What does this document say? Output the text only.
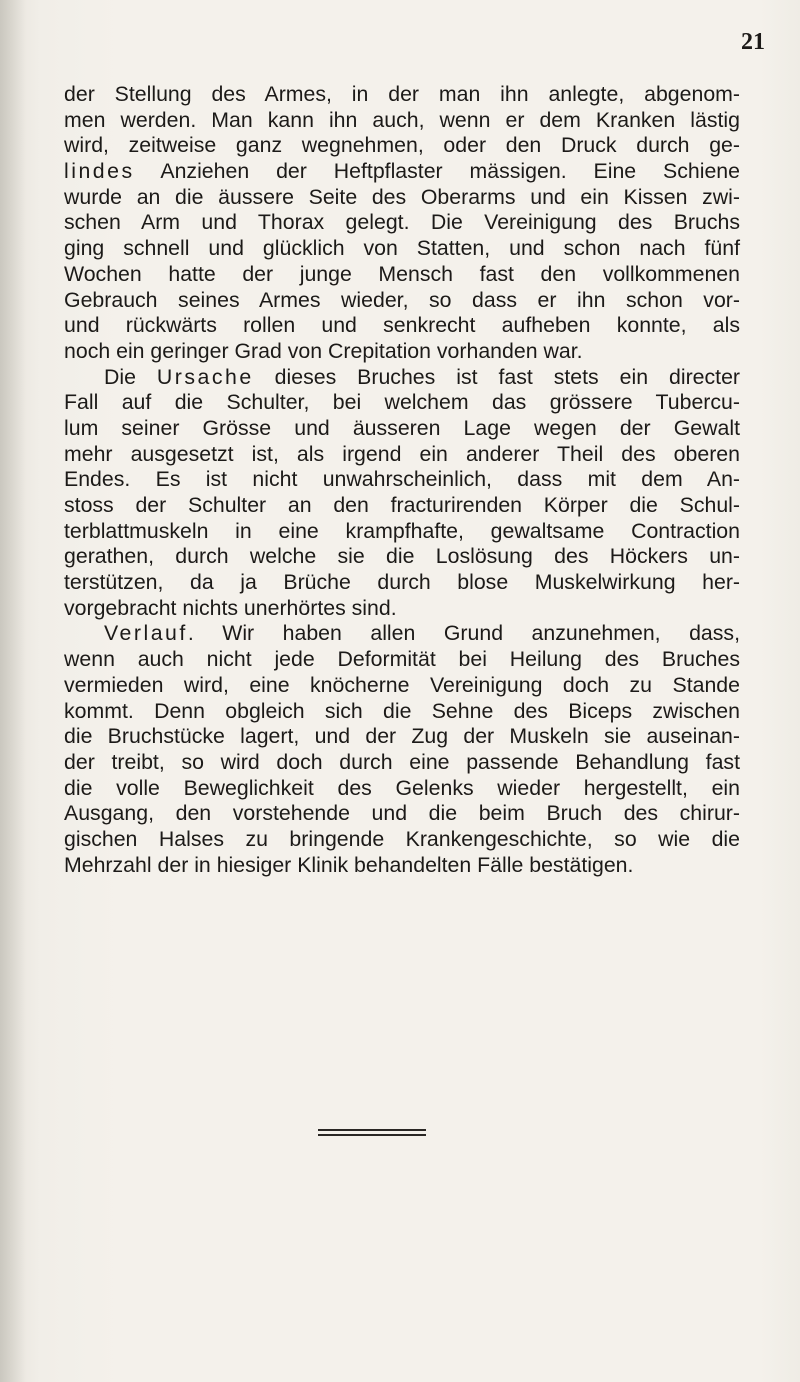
21
der Stellung des Armes, in der man ihn anlegte, abgenom-
men werden. Man kann ihn auch, wenn er dem Kranken lästig
wird, zeitweise ganz wegnehmen, oder den Druck durch ge-
lindes Anziehen der Heftpflaster mässigen. Eine Schiene
wurde an die äussere Seite des Oberarms und ein Kissen zwi-
schen Arm und Thorax gelegt. Die Vereinigung des Bruchs
ging schnell und glücklich von Statten, und schon nach fünf
Wochen hatte der junge Mensch fast den vollkommenen
Gebrauch seines Armes wieder, so dass er ihn schon vor-
und rückwärts rollen und senkrecht aufheben konnte, als
noch ein geringer Grad von Crepitation vorhanden war.
Die Ursache dieses Bruches ist fast stets ein directer
Fall auf die Schulter, bei welchem das grössere Tubercu-
lum seiner Grösse und äusseren Lage wegen der Gewalt
mehr ausgesetzt ist, als irgend ein anderer Theil des oberen
Endes. Es ist nicht unwahrscheinlich, dass mit dem An-
stoss der Schulter an den fracturirenden Körper die Schul-
terblattmuskeln in eine krampfhafte, gewaltsame Contraction
gerathen, durch welche sie die Loslösung des Höckers un-
terstützen, da ja Brüche durch blose Muskelwirkung her-
vorgebracht nichts unerhörtes sind.
Verlauf. Wir haben allen Grund anzunehmen, dass,
wenn auch nicht jede Deformität bei Heilung des Bruches
vermieden wird, eine knöcherne Vereinigung doch zu Stande
kommt. Denn obgleich sich die Sehne des Biceps zwischen
die Bruchstücke lagert, und der Zug der Muskeln sie auseinan-
der treibt, so wird doch durch eine passende Behandlung fast
die volle Beweglichkeit des Gelenks wieder hergestellt, ein
Ausgang, den vorstehende und die beim Bruch des chirur-
gischen Halses zu bringende Krankengeschichte, so wie die
Mehrzahl der in hiesiger Klinik behandelten Fälle bestätigen.
